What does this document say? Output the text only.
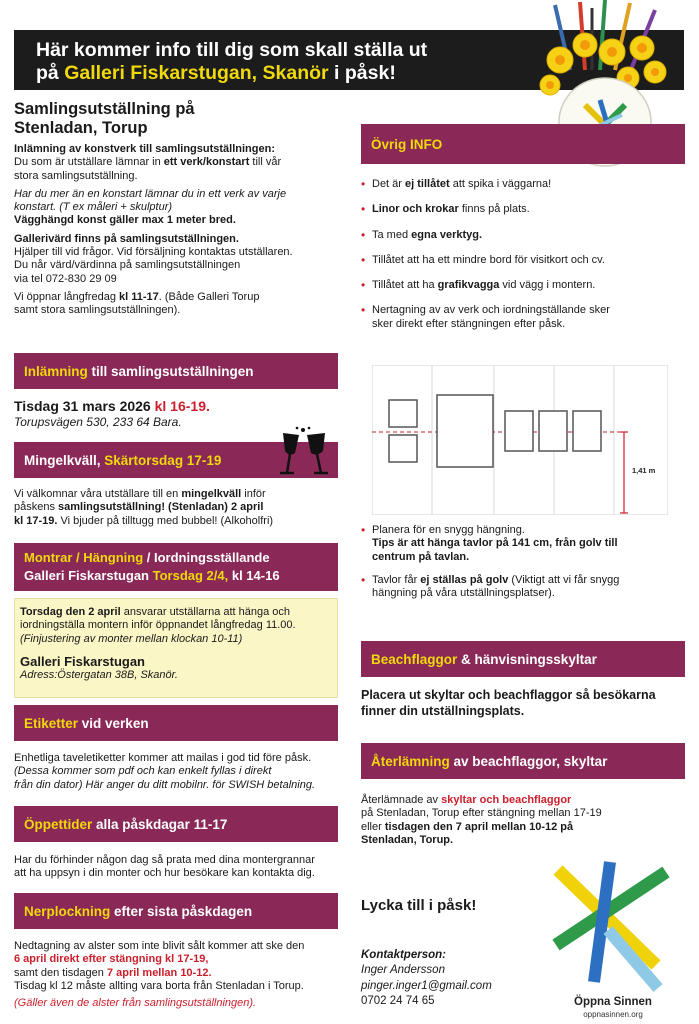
Här kommer info till dig som skall ställa ut
på Galleri Fiskarstugan, Skanör i påsk!
Samlingsutställning på
Stenladan, Torup
Inlämning av konstverk till samlingsutställningen:
Du som är utställare lämnar in ett verk/konstart till vår
stora samlingsutställning.
Har du mer än en konstart lämnar du in ett verk av varje
konstart. (T ex måleri + skulptur)
Vägghängd konst gäller max 1 meter bred.
Gallerivärd finns på samlingsutställningen.
Hjälper till vid frågor. Vid försäljning kontaktas utställaren.
Du når värd/värdinna på samlingsutställningen
via tel 072-830 29 09
Vi öppnar långfredag kl 11-17. (Både Galleri Torup
samt stora samlingsutställningen).
Inlämning till samlingsutställningen
Tisdag 31 mars 2026 kl 16-19.
Torupsvägen 530, 233 64 Bara.
Mingelkväll, Skärtorsdag 17-19
Vi välkomnar våra utställare till en mingelkväll inför
påskens samlingsutställning! (Stenladan) 2 april
kl 17-19. Vi bjuder på tilltugg med bubbel! (Alkoholfri)
Montrar / Hängning / Iordningsställande
Galleri Fiskarstugan Torsdag 2/4, kl 14-16
Torsdag den 2 april ansvarar utställarna att hänga och
iordningställa montern inför öppnandet långfredag 11.00.
(Finjustering av monter mellan klockan 10-11)
Galleri Fiskarstugan
Adress:Östergatan 38B, Skanör.
Etiketter vid verken
Enhetliga taveletiketter kommer att mailas i god tid före påsk.
(Dessa kommer som pdf och kan enkelt fyllas i direkt
från din dator) Här anger du ditt mobilnr. för SWISH betalning.
Öppettider alla påskdagar 11-17
Har du förhinder någon dag så prata med dina montergrannar
att ha uppsyn i din monter och hur besökare kan kontakta dig.
Nerplockning efter sista påskdagen
Nedtagning av alster som inte blivit sålt kommer att ske den
6 april direkt efter stängning kl 17-19,
samt den tisdagen 7 april mellan 10-12.
Tisdag kl 12 måste allting vara borta från Stenladan i Torup.
(Gäller även de alster från samlingsutställningen).
Övrig INFO
• Det är ej tillåtet att spika i väggarna!
• Linor och krokar finns på plats.
• Ta med egna verktyg.
• Tillåtet att ha ett mindre bord för visitkort och cv.
• Tillåtet att ha grafikvagga vid vägg i montern.
• Nertagning av av verk och iordningställande sker
sker direkt efter stängningen efter påsk.
1,41 m
• Planera för en snygg hängning.
Tips är att hänga tavlor på 141 cm, från golv till
centrum på tavlan.
• Tavlor får ej ställas på golv (Viktigt att vi får snygg
hängning på våra utställningsplatser).
Beachflaggor & hänvisningsskyltar
Placera ut skyltar och beachflaggor så besökarna
finner din utställningsplats.
Återlämning av beachflaggor, skyltar
Återlämnade av skyltar och beachflaggor
på Stenladan, Torup efter stängning mellan 17-19
eller tisdagen den 7 april mellan 10-12 på
Stenladan, Torup.
Lycka till i påsk!
Kontaktperson:
Inger Andersson
pinger.inger1@gmail.com
0702 24 74 65	Öppna Sinnen
oppnasinnen.org
